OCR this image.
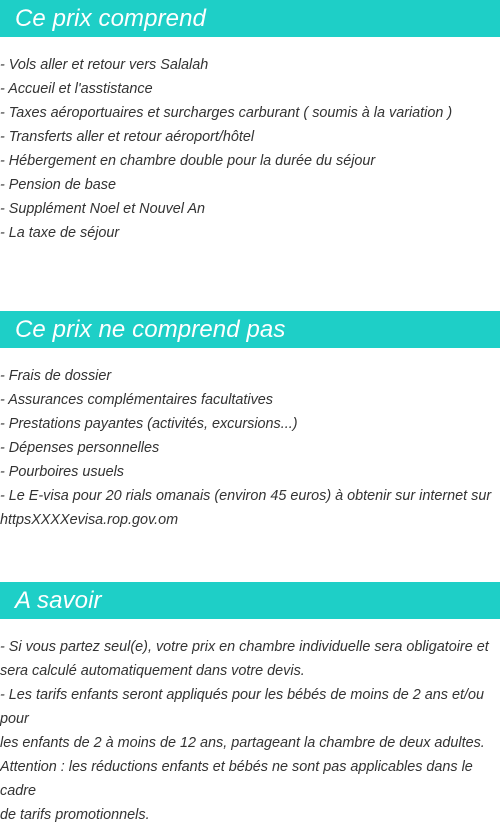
Ce prix comprend
- Vols aller et retour vers Salalah
- Accueil et l'asstistance
- Taxes aéroportuaires et surcharges carburant ( soumis à la variation )
- Transferts aller et retour aéroport/hôtel
- Hébergement en chambre double pour la durée du séjour
- Pension de base
- Supplément Noel et Nouvel An
- La taxe de séjour
Ce prix ne comprend pas
- Frais de dossier
- Assurances complémentaires facultatives
- Prestations payantes (activités, excursions...)
- Dépenses personnelles
- Pourboires usuels
- Le E-visa pour 20 rials omanais (environ 45 euros) à obtenir sur internet sur
httpsXXXXevisa.rop.gov.om
A savoir
- Si vous partez seul(e), votre prix en chambre individuelle sera obligatoire et
sera calculé automatiquement dans votre devis.
- Les tarifs enfants seront appliqués pour les bébés de moins de 2 ans et/ou pour
les enfants de 2 à moins de 12 ans, partageant la chambre de deux adultes.
Attention : les réductions enfants et bébés ne sont pas applicables dans le cadre
de tarifs promotionnels.
